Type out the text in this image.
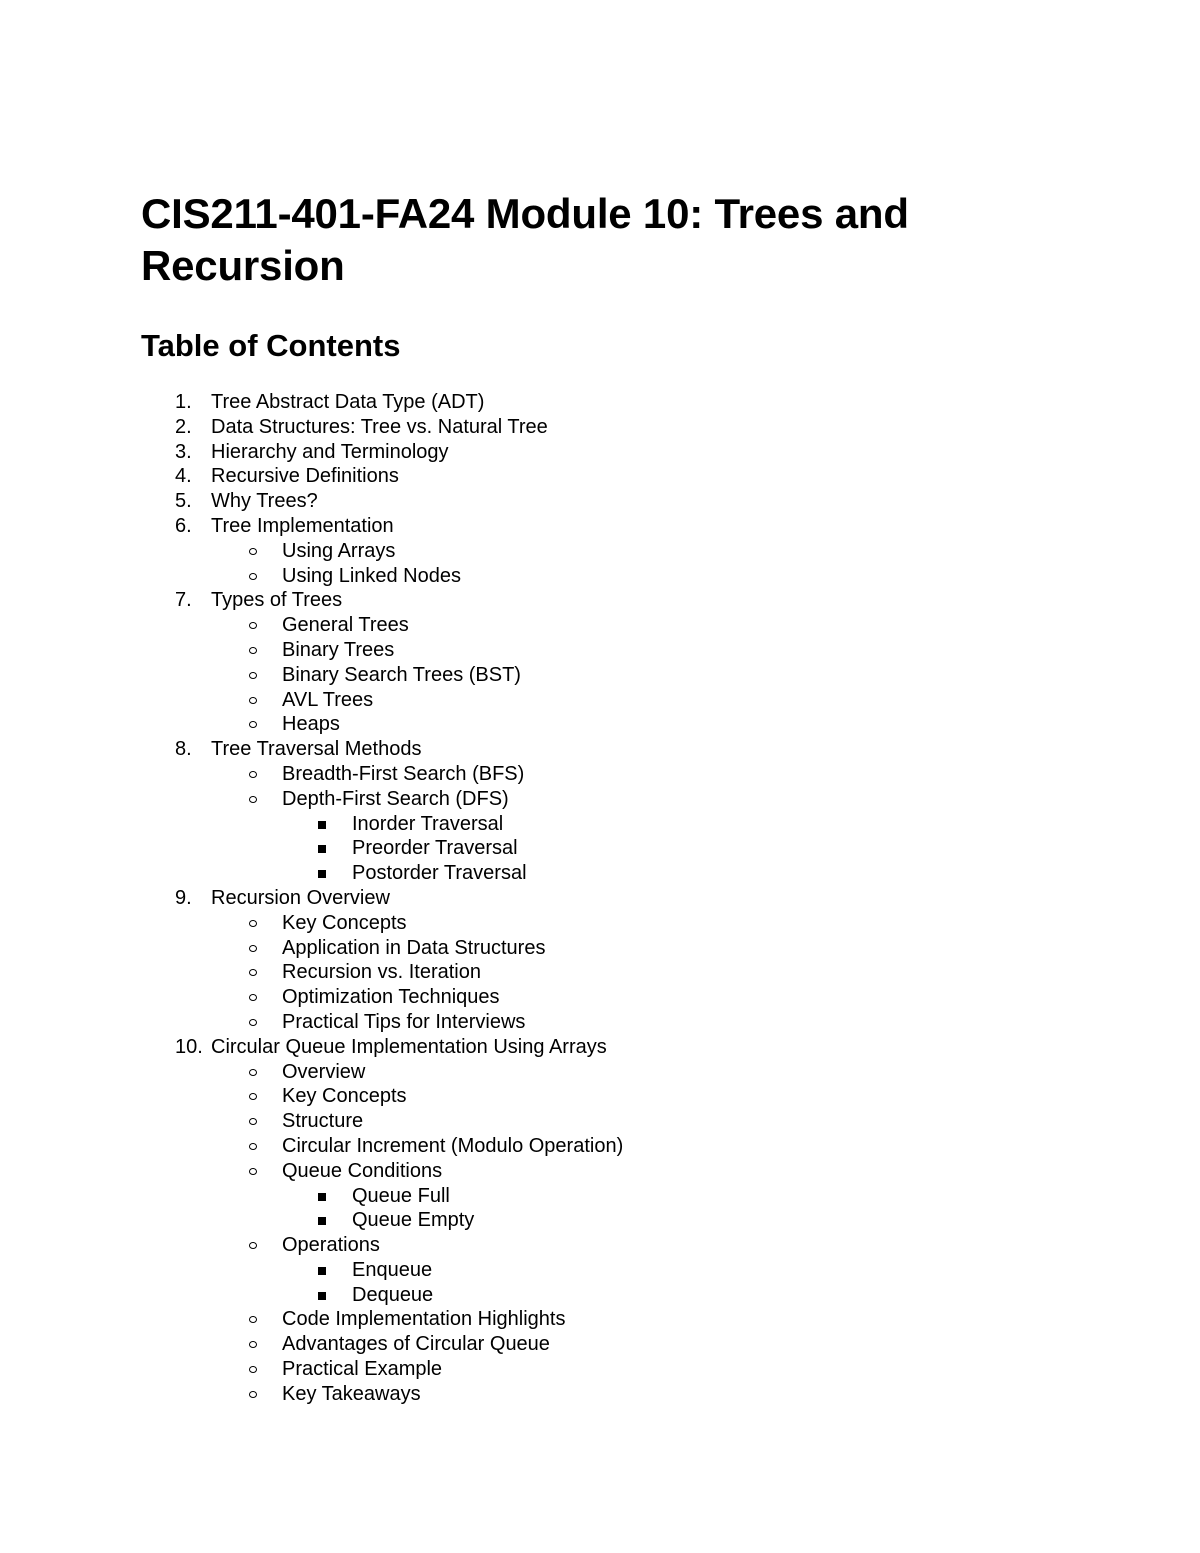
CIS211-401-FA24 Module 10: Trees and Recursion
Table of Contents
1. Tree Abstract Data Type (ADT)
2. Data Structures: Tree vs. Natural Tree
3. Hierarchy and Terminology
4. Recursive Definitions
5. Why Trees?
6. Tree Implementation
Using Arrays
Using Linked Nodes
7. Types of Trees
General Trees
Binary Trees
Binary Search Trees (BST)
AVL Trees
Heaps
8. Tree Traversal Methods
Breadth-First Search (BFS)
Depth-First Search (DFS)
Inorder Traversal
Preorder Traversal
Postorder Traversal
9. Recursion Overview
Key Concepts
Application in Data Structures
Recursion vs. Iteration
Optimization Techniques
Practical Tips for Interviews
10. Circular Queue Implementation Using Arrays
Overview
Key Concepts
Structure
Circular Increment (Modulo Operation)
Queue Conditions
Queue Full
Queue Empty
Operations
Enqueue
Dequeue
Code Implementation Highlights
Advantages of Circular Queue
Practical Example
Key Takeaways
